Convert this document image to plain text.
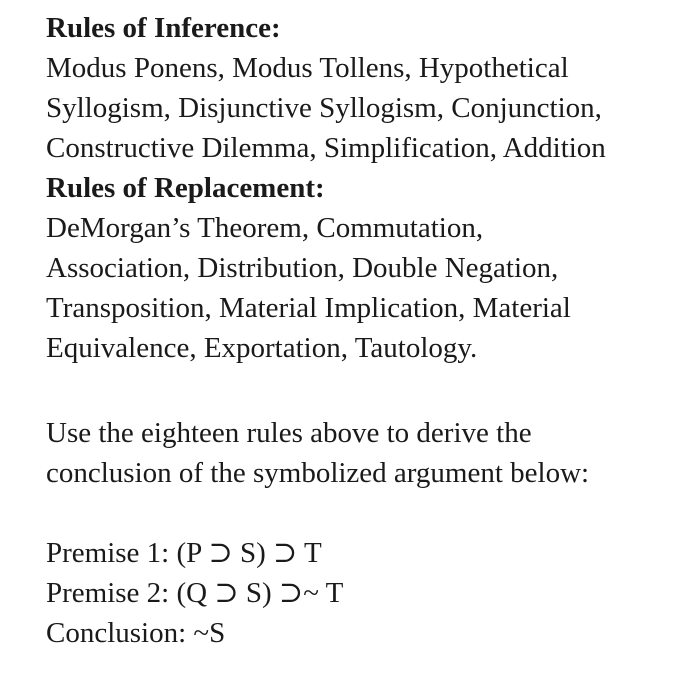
Rules of Inference:
Modus Ponens, Modus Tollens, Hypothetical
Syllogism, Disjunctive Syllogism, Conjunction,
Constructive Dilemma, Simplification, Addition
Rules of Replacement:
DeMorgan’s Theorem, Commutation,
Association, Distribution, Double Negation,
Transposition, Material Implication, Material
Equivalence, Exportation, Tautology.
Use the eighteen rules above to derive the
conclusion of the symbolized argument below:
Premise 1: (P ⊃ S) ⊃ T
Premise 2: (Q ⊃ S) ⊃~ T
Conclusion: ~S
